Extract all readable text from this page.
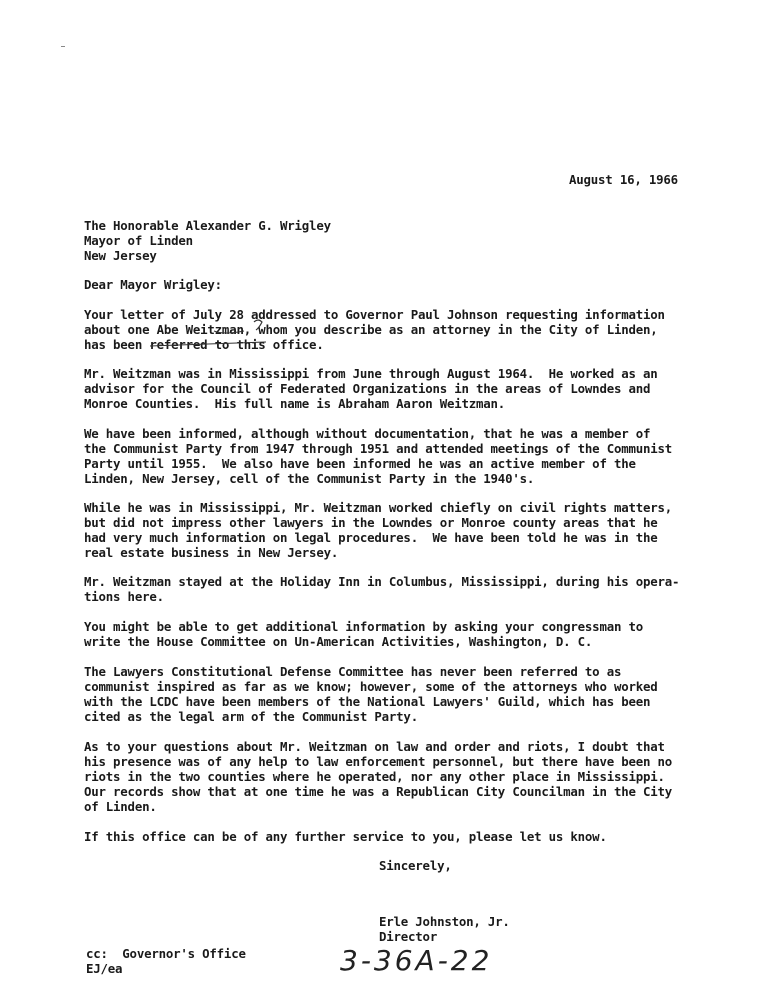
August 16, 1966
The Honorable Alexander G. Wrigley
Mayor of Linden
New Jersey
Dear Mayor Wrigley:
Your letter of July 28 addressed to Governor Paul Johnson requesting information
about one Abe Weitzman, whom you describe as an attorney in the City of Linden,
has been referred to this office.
Mr. Weitzman was in Mississippi from June through August 1964.  He worked as an
advisor for the Council of Federated Organizations in the areas of Lowndes and
Monroe Counties.  His full name is Abraham Aaron Weitzman.
We have been informed, although without documentation, that he was a member of
the Communist Party from 1947 through 1951 and attended meetings of the Communist
Party until 1955.  We also have been informed he was an active member of the
Linden, New Jersey, cell of the Communist Party in the 1940's.
While he was in Mississippi, Mr. Weitzman worked chiefly on civil rights matters,
but did not impress other lawyers in the Lowndes or Monroe county areas that he
had very much information on legal procedures.  We have been told he was in the
real estate business in New Jersey.
Mr. Weitzman stayed at the Holiday Inn in Columbus, Mississippi, during his opera-
tions here.
You might be able to get additional information by asking your congressman to
write the House Committee on Un-American Activities, Washington, D. C.
The Lawyers Constitutional Defense Committee has never been referred to as
communist inspired as far as we know; however, some of the attorneys who worked
with the LCDC have been members of the National Lawyers' Guild, which has been
cited as the legal arm of the Communist Party.
As to your questions about Mr. Weitzman on law and order and riots, I doubt that
his presence was of any help to law enforcement personnel, but there have been no
riots in the two counties where he operated, nor any other place in Mississippi.
Our records show that at one time he was a Republican City Councilman in the City
of Linden.
If this office can be of any further service to you, please let us know.
Sincerely,
Erle Johnston, Jr.
Director
cc:  Governor's Office
EJ/ea	3-36A-22
